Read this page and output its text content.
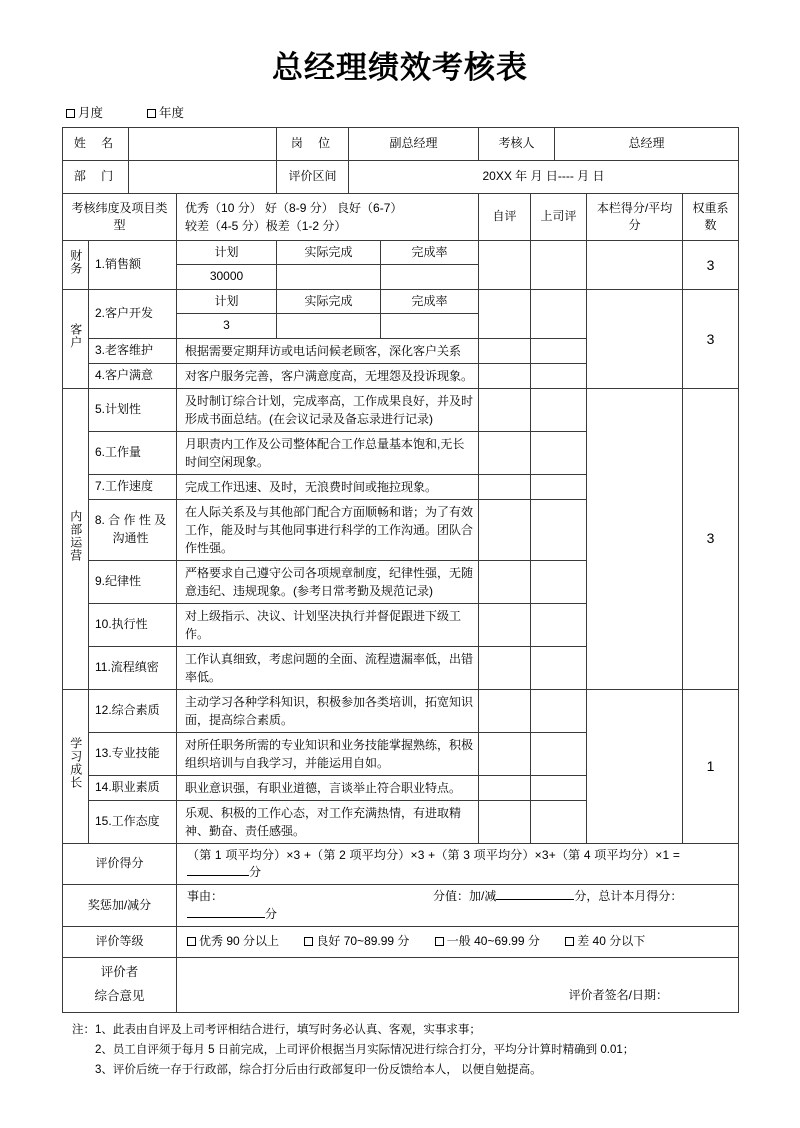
总经理绩效考核表
月度	年度
姓 名		岗 位	副总经理	考核人	总经理
部 门		评价区间	20XX 年 月 日---- 月 日		
考核纬度及项目类型		优秀（10 分） 好（8-9 分） 良好（6-7）
较差（4-5 分）极差（1-2 分）			自评	上司评	本栏得分/平均分	权重系数
财务	1.销售额	计划	实际完成	完成率				3
		30000						
客户	2.客户开发	计划	实际完成	完成率				3
		3						
	3.老客维护	根据需要定期拜访或电话问候老顾客，深化客户关系						
	4.客户满意	对客户服务完善，客户满意度高，无埋怨及投诉现象。						
内部运营	5.计划性	及时制订综合计划，完成率高，工作成果良好，并及时形成书面总结。(在会议记录及备忘录进行记录)						3
	6.工作量	月职责内工作及公司整体配合工作总量基本饱和,无长时间空闲现象。						
	7.工作速度	完成工作迅速、及时，无浪费时间或拖拉现象。						
	8. 合 作 性 及 沟通性	在人际关系及与其他部门配合方面顺畅和谐；为了有效工作，能及时与其他同事进行科学的工作沟通。团队合作性强。						
	9.纪律性	严格要求自己遵守公司各项规章制度，纪律性强，无随意违纪、违规现象。(参考日常考勤及规范记录)						
	10.执行性	对上级指示、决议、计划坚决执行并督促跟进下级工作。						
	11.流程缜密	工作认真细致，考虑问题的全面、流程遗漏率低，出错率低。						
学习成长	12.综合素质	主动学习各种学科知识，积极参加各类培训，拓宽知识面，提高综合素质。						1
	13.专业技能	对所任职务所需的专业知识和业务技能掌握熟练，积极组织培训与自我学习，并能运用自如。						
	14.职业素质	职业意识强，有职业道德，言谈举止符合职业特点。						
	15.工作态度	乐观、积极的工作心态，对工作充满热情，有进取精神、勤奋、责任感强。						
评价得分	（第 1 项平均分）×3 +（第 2 项平均分）×3 +（第 3 项平均分）×3+（第 4 项平均分）×1 =分
奖惩加/减分	事由： 分值：加/减 分，总计本月得分：分
评价等级	优秀 90 分以上 良好 70~89.99 分 一般 40~69.99 分 差 40 分以下

评价者
综合意见	评价者签名/日期：
注：1、此表由自评及上司考评相结合进行，填写时务必认真、客观，实事求事；
2、员工自评须于每月 5 日前完成，上司评价根据当月实际情况进行综合打分，平均分计算时精确到 0.01；
3、评价后统一存于行政部，综合打分后由行政部复印一份反馈给本人， 以便自勉提高。
